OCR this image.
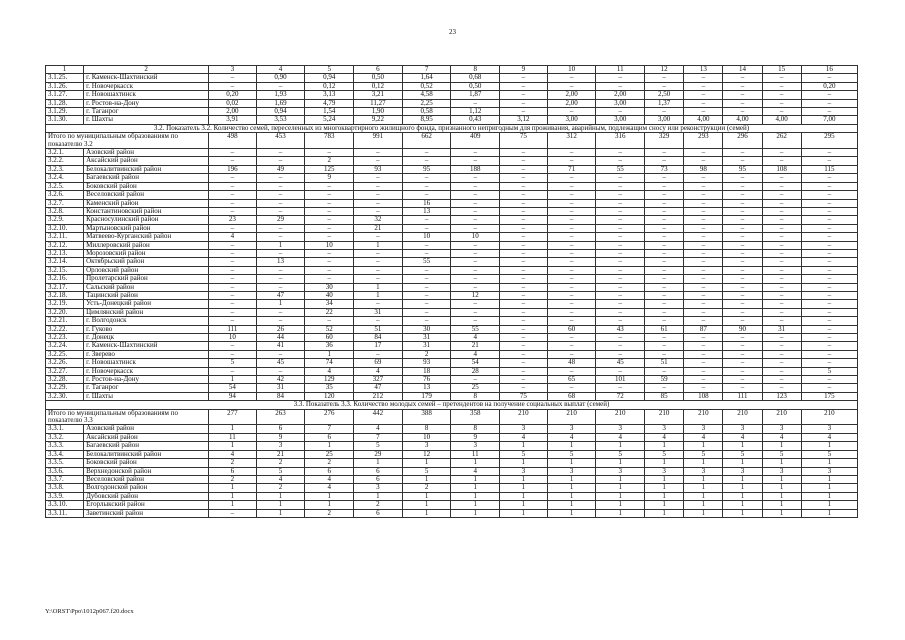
23
1	2	3	4	5	6	7	8	9	10	11	12	13	14	15	16
3.1.25.	г. Каменск-Шахтинский	–	0,90	0,94	0,50	1,64	0,68	–	–	–	–	–	–	–	–
3.1.26.	г. Новочеркасск	–	–	0,12	0,12	0,52	0,50	–	–	–	–	–	–	–	0,20
3.1.27.	г. Новошахтинск	0,20	1,93	3,13	3,21	4,58	1,87	–	2,00	2,00	2,50	–	–	–	–
3.1.28.	г. Ростов-на-Дону	0,02	1,69	4,79	11,27	2,25	–	–	2,00	3,00	1,37	–	–	–	–
3.1.29.	г. Таганрог	2,00	0,94	1,54	1,90	0,58	1,12	–	–	–	–	–	–	–	–
3.1.30.	г. Шахты	3,91	3,53	5,24	9,22	8,95	0,43	3,12	3,00	3,00	3,00	4,00	4,00	4,00	7,00
3.2. Показатель 3.2. Количество семей, переселенных из многоквартирного жилищного фонда, признанного непригодным для проживания, аварийным, подлежащим сносу или реконструкции (семей)															
Итого по муниципальным образованиям по показателю 3.2		498	453	783	991	662	409	75	312	316	329	293	296	262	295
3.2.1.	Азовский район	–	–	–	–	–	–	–	–	–	–	–	–	–	–
3.2.2.	Аксайский район	–	–	2	–	–	–	–	–	–	–	–	–	–	–
3.2.3.	Белокалитвинский район	196	49	125	93	95	188	–	71	55	73	98	95	108	115
3.2.4.	Багаевский район	–	–	9	–	–	–	–	–	–	–	–	–	–	–
3.2.5.	Боковский район	–	–	–	–	–	–	–	–	–	–	–	–	–	–
3.2.6.	Веселовский район	–	–	–	–	–	–	–	–	–	–	–	–	–	–
3.2.7.	Каменский район	–	–	–	–	16	–	–	–	–	–	–	–	–	–
3.2.8.	Константиновский район	–	–	–	–	13	–	–	–	–	–	–	–	–	–
3.2.9.	Красносулинский район	23	29	–	32	–	–	–	–	–	–	–	–	–	–
3.2.10.	Мартыновский район	–	–	–	21	–	–	–	–	–	–	–	–	–	–
3.2.11.	Матвеево-Курганский район	4	–	–	–	10	10	–	–	–	–	–	–	–	–
3.2.12.	Миллеровский район	–	1	10	1	–	–	–	–	–	–	–	–	–	–
3.2.13.	Морозовский район	–	–	–	–	–	–	–	–	–	–	–	–	–	–
3.2.14.	Октябрьский район	–	13	–	–	55	–	–	–	–	–	–	–	–	–
3.2.15.	Орловский район	–	–	–	–	–	–	–	–	–	–	–	–	–	–
3.2.16.	Пролетарский район	–	–	–	–	–	–	–	–	–	–	–	–	–	–
3.2.17.	Сальский район	–	–	30	1	–	–	–	–	–	–	–	–	–	–
3.2.18.	Тацинский район	–	47	40	1	–	12	–	–	–	–	–	–	–	–
3.2.19.	Усть-Донецкий район	–	1	34	–	–	–	–	–	–	–	–	–	–	–
3.2.20.	Цимлянский район	–	–	22	31	–	–	–	–	–	–	–	–	–	–
3.2.21.	г. Волгодонск	–	–	–	–	–	–	–	–	–	–	–	–	–	–
3.2.22.	г. Гуково	111	26	52	51	30	55	–	60	43	61	87	90	31	–
3.2.23.	г. Донецк	10	44	60	84	31	4	–	–	–	–	–	–	–	–
3.2.24.	г. Каменск-Шахтинский	–	41	36	17	31	21	–	–	–	–	–	–	–	–
3.2.25.	г. Зверево	–	–	1	–	2	4	–	–	–	–	–	–	–	–
3.2.26.	г. Новошахтинск	5	45	74	69	93	54	–	48	45	51	–	–	–	–
3.2.27.	г. Новочеркасск	–	–	4	4	18	28	–	–	–	–	–	–	–	5
3.2.28.	г. Ростов-на-Дону	1	42	129	327	76	–	–	65	101	59	–	–	–	–
3.2.29.	г. Таганрог	54	31	35	47	13	25	–	–	–	–	–	–	–	–
3.2.30.	г. Шахты	94	84	120	212	179	8	75	68	72	85	108	111	123	175
3.3. Показатель 3.3. Количество молодых семей – претендентов на получение социальных выплат (семей)															
Итого по муниципальным образованиям по показателю 3.3		277	263	276	442	388	358	210	210	210	210	210	210	210	210
3.3.1.	Азовский район	1	6	7	4	8	8	3	3	3	3	3	3	3	3
3.3.2.	Аксайский район	11	9	6	7	10	9	4	4	4	4	4	4	4	4
3.3.3.	Багаевский район	1	3	1	5	3	3	1	1	1	1	1	1	1	1
3.3.4.	Белокалитвинский район	4	21	25	29	12	11	5	5	5	5	5	5	5	5
3.3.5.	Боковский район	2	2	2	1	1	1	1	1	1	1	1	1	1	1
3.3.6.	Верхнедонской район	6	5	6	6	5	4	3	3	3	3	3	3	3	3
3.3.7.	Веселовский район	2	4	4	6	1	1	1	1	1	1	1	1	1	1
3.3.8.	Волгодонской район	1	2	4	3	2	1	1	1	1	1	1	1	1	1
3.3.9.	Дубовский район	1	1	1	1	1	1	1	1	1	1	1	1	1	1
3.3.10.	Егорлыкский район	1	1	1	2	1	1	1	1	1	1	1	1	1	1
3.3.11.	Заветинский район	–	1	2	6	1	1	1	1	1	1	1	1	1	1
Y:\ORST\Ppo\1012p067.f20.docx
